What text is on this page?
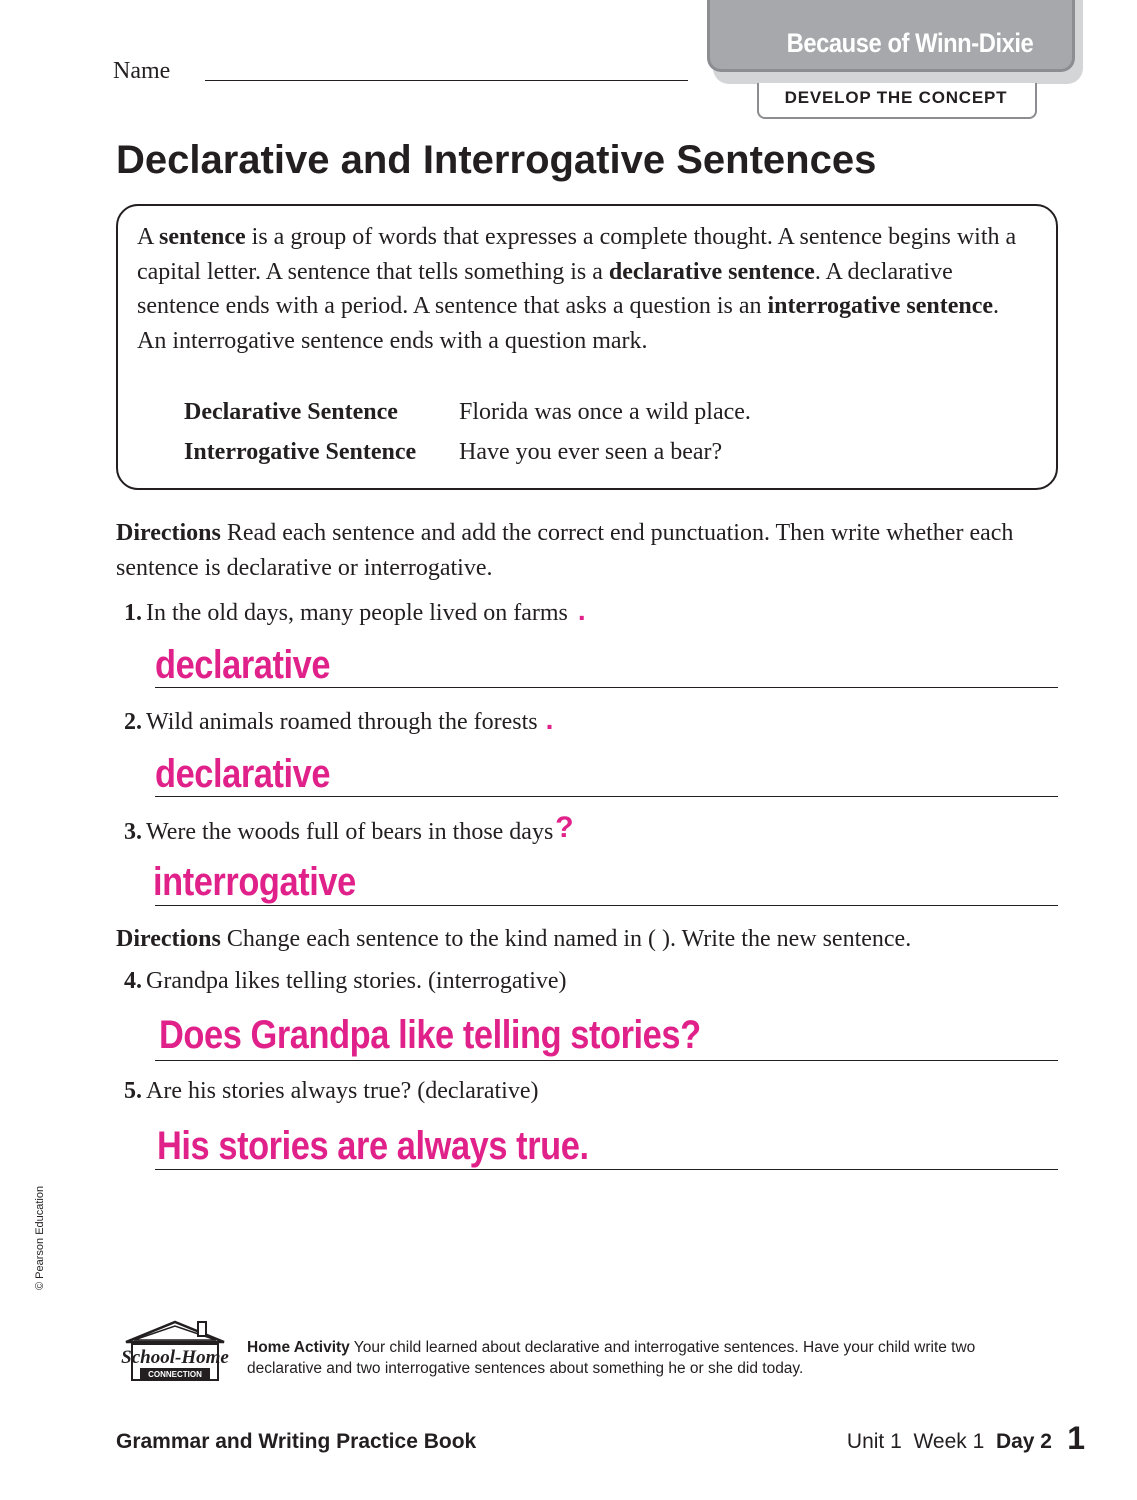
Because of Winn-Dixie
DEVELOP THE CONCEPT
Name
Declarative and Interrogative Sentences
A sentence is a group of words that expresses a complete thought. A sentence begins with a capital letter. A sentence that tells something is a declarative sentence. A declarative sentence ends with a period. A sentence that asks a question is an interrogative sentence. An interrogative sentence ends with a question mark.
Declarative Sentence	Florida was once a wild place.
Interrogative Sentence Have you ever seen a bear?
Directions Read each sentence and add the correct end punctuation. Then write whether each sentence is declarative or interrogative.
1. In the old days, many people lived on farms .
declarative
2. Wild animals roamed through the forests .
declarative
3. Were the woods full of bears in those days?
interrogative
Directions Change each sentence to the kind named in ( ). Write the new sentence.
4. Grandpa likes telling stories. (interrogative)
Does Grandpa like telling stories?
5. Are his stories always true? (declarative)
His stories are always true.
© Pearson Education
School-Home
CONNECTION
Home Activity Your child learned about declarative and interrogative sentences. Have your child write two declarative and two interrogative sentences about something he or she did today.
Grammar and Writing Practice Book	Unit 1 Week 1 Day 2 1
